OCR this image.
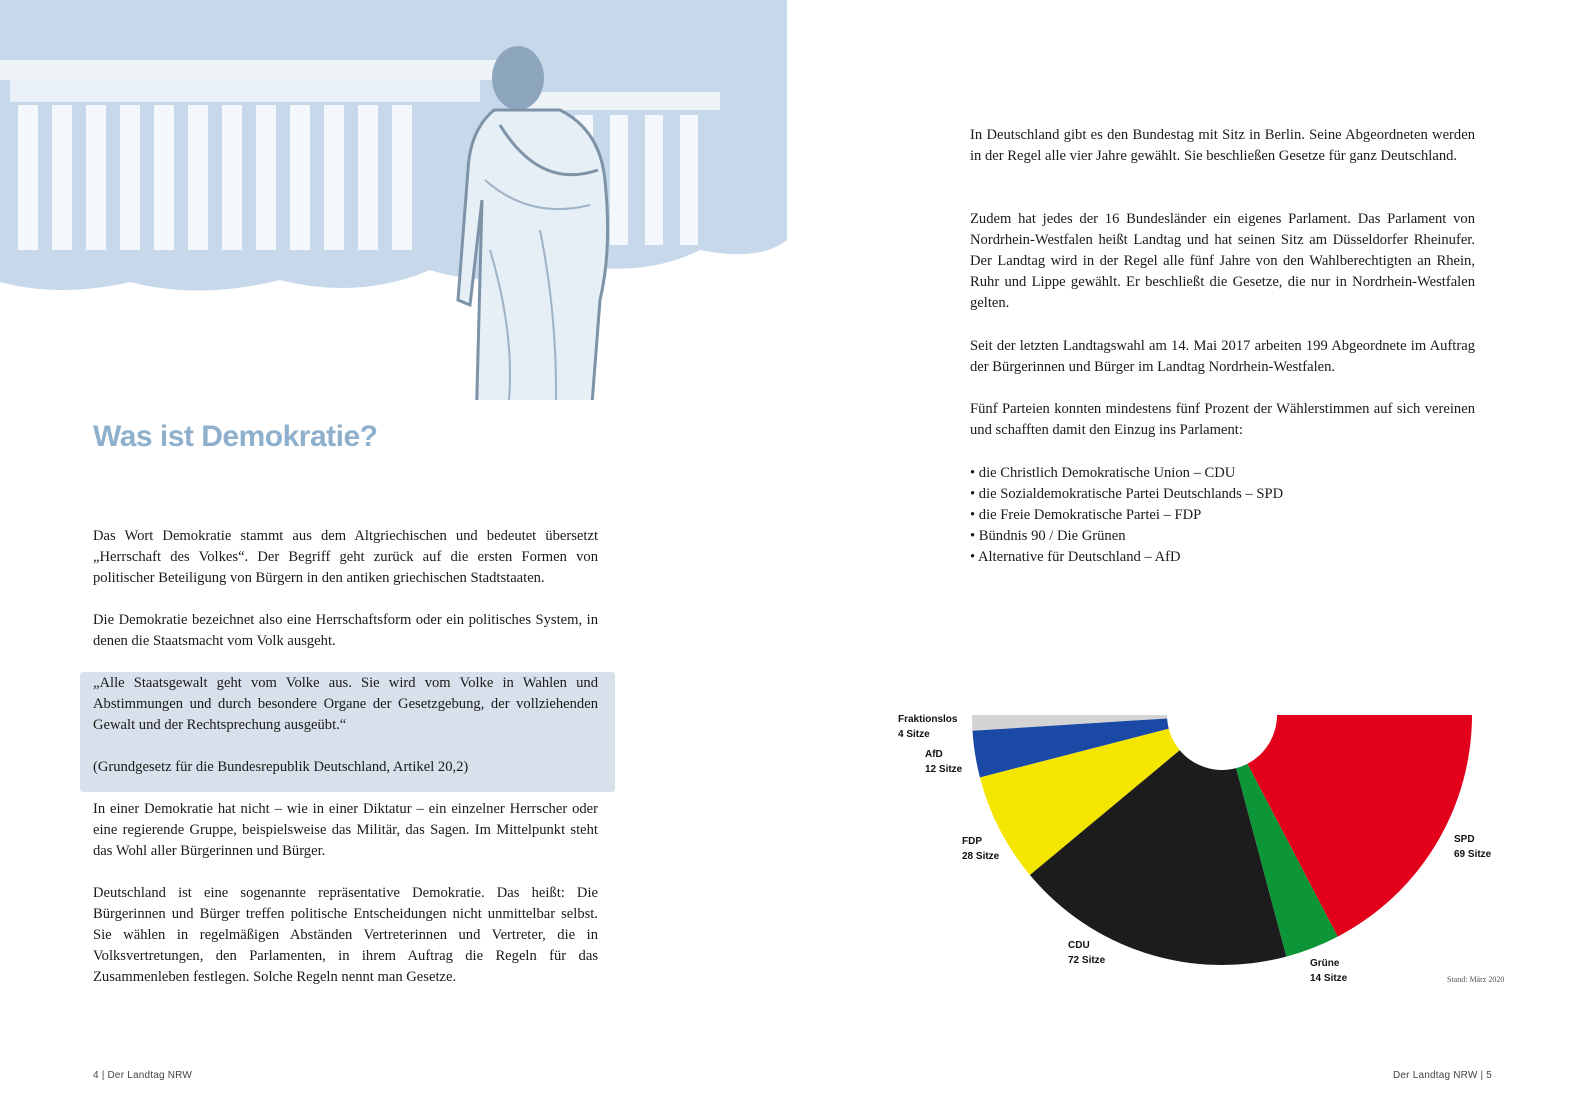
Was ist Demokratie?

Das Wort Demokratie stammt aus dem Altgriechischen und bedeutet übersetzt „Herrschaft des Volkes“. Der Begriff geht zurück auf die ersten Formen von politischer Beteiligung von Bürgern in den antiken griechischen Stadtstaaten.

Die Demokratie bezeichnet also eine Herrschaftsform oder ein politisches System, in denen die Staatsmacht vom Volk ausgeht.

„Alle Staatsgewalt geht vom Volke aus. Sie wird vom Volke in Wahlen und Abstimmungen und durch besondere Organe der Gesetzgebung, der vollziehenden Gewalt und der Rechtsprechung ausgeübt.“

(Grundgesetz für die Bundesrepublik Deutschland, Artikel 20,2)

In einer Demokratie hat nicht – wie in einer Diktatur – ein einzelner Herrscher oder eine regierende Gruppe, beispielsweise das Militär, das Sagen. Im Mittelpunkt steht das Wohl aller Bürgerinnen und Bürger.

Deutschland ist eine sogenannte repräsentative Demokratie. Das heißt: Die Bürgerinnen und Bürger treffen politische Entscheidungen nicht unmittelbar selbst. Sie wählen in regelmäßigen Abständen Vertreterinnen und Vertreter, die in Volksvertretungen, den Parlamenten, in ihrem Auftrag die Regeln für das Zusammenleben festlegen. Solche Regeln nennt man Gesetze.

4 | Der Landtag NRW

In Deutschland gibt es den Bundestag mit Sitz in Berlin. Seine Abgeordneten werden in der Regel alle vier Jahre gewählt. Sie beschließen Gesetze für ganz Deutschland.

Zudem hat jedes der 16 Bundesländer ein eigenes Parlament. Das Parlament von Nordrhein-Westfalen heißt Landtag und hat seinen Sitz am Düsseldorfer Rheinufer. Der Landtag wird in der Regel alle fünf Jahre von den Wahlberechtigten an Rhein, Ruhr und Lippe gewählt. Er beschließt die Gesetze, die nur in Nordrhein-Westfalen gelten.

Seit der letzten Landtagswahl am 14. Mai 2017 arbeiten 199 Abgeordnete im Auftrag der Bürgerinnen und Bürger im Landtag Nordrhein-Westfalen.

Fünf Parteien konnten mindestens fünf Prozent der Wählerstimmen auf sich vereinen und schafften damit den Einzug ins Parlament:

• die Christlich Demokratische Union – CDU
• die Sozialdemokratische Partei Deutschlands – SPD
• die Freie Demokratische Partei – FDP
• Bündnis 90 / Die Grünen
• Alternative für Deutschland – AfD
Fraktionslos
4 Sitze
AfD
12 Sitze
FDP
28 Sitze
CDU
72 Sitze	Grüne
14 Sitze
SPD
69 Sitze
Stand: März 2020
Der Landtag NRW | 5
